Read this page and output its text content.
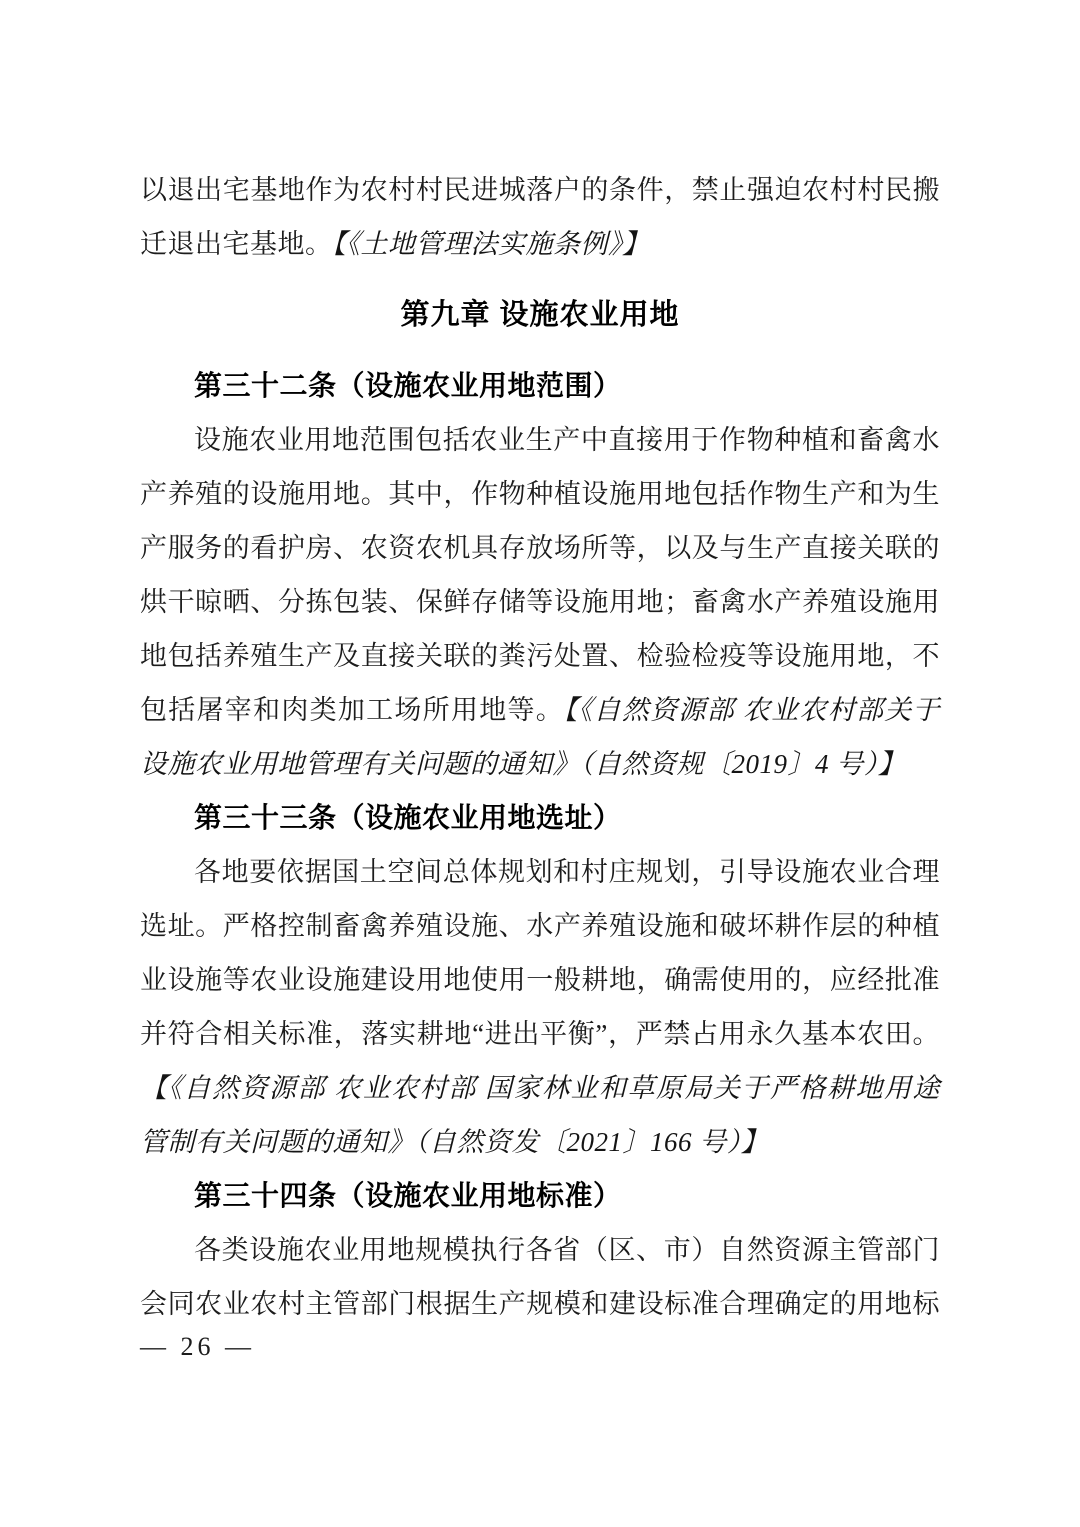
以退出宅基地作为农村村民进城落户的条件，禁止强迫农村村民搬
迁退出宅基地。【《土地管理法实施条例》】
第九章 设施农业用地
第三十二条（设施农业用地范围）
设施农业用地范围包括农业生产中直接用于作物种植和畜禽水
产养殖的设施用地。其中，作物种植设施用地包括作物生产和为生
产服务的看护房、农资农机具存放场所等，以及与生产直接关联的
烘干晾晒、分拣包装、保鲜存储等设施用地；畜禽水产养殖设施用
地包括养殖生产及直接关联的粪污处置、检验检疫等设施用地，不
包括屠宰和肉类加工场所用地等。【《自然资源部 农业农村部关于
设施农业用地管理有关问题的通知》（自然资规〔2019〕4 号）】
第三十三条（设施农业用地选址）
各地要依据国土空间总体规划和村庄规划，引导设施农业合理
选址。严格控制畜禽养殖设施、水产养殖设施和破坏耕作层的种植
业设施等农业设施建设用地使用一般耕地，确需使用的，应经批准
并符合相关标准，落实耕地“进出平衡”，严禁占用永久基本农田。
【《自然资源部 农业农村部 国家林业和草原局关于严格耕地用途
管制有关问题的通知》（自然资发〔2021〕166 号）】
第三十四条（设施农业用地标准）
各类设施农业用地规模执行各省（区、市）自然资源主管部门
会同农业农村主管部门根据生产规模和建设标准合理确定的用地标
— 26 —
